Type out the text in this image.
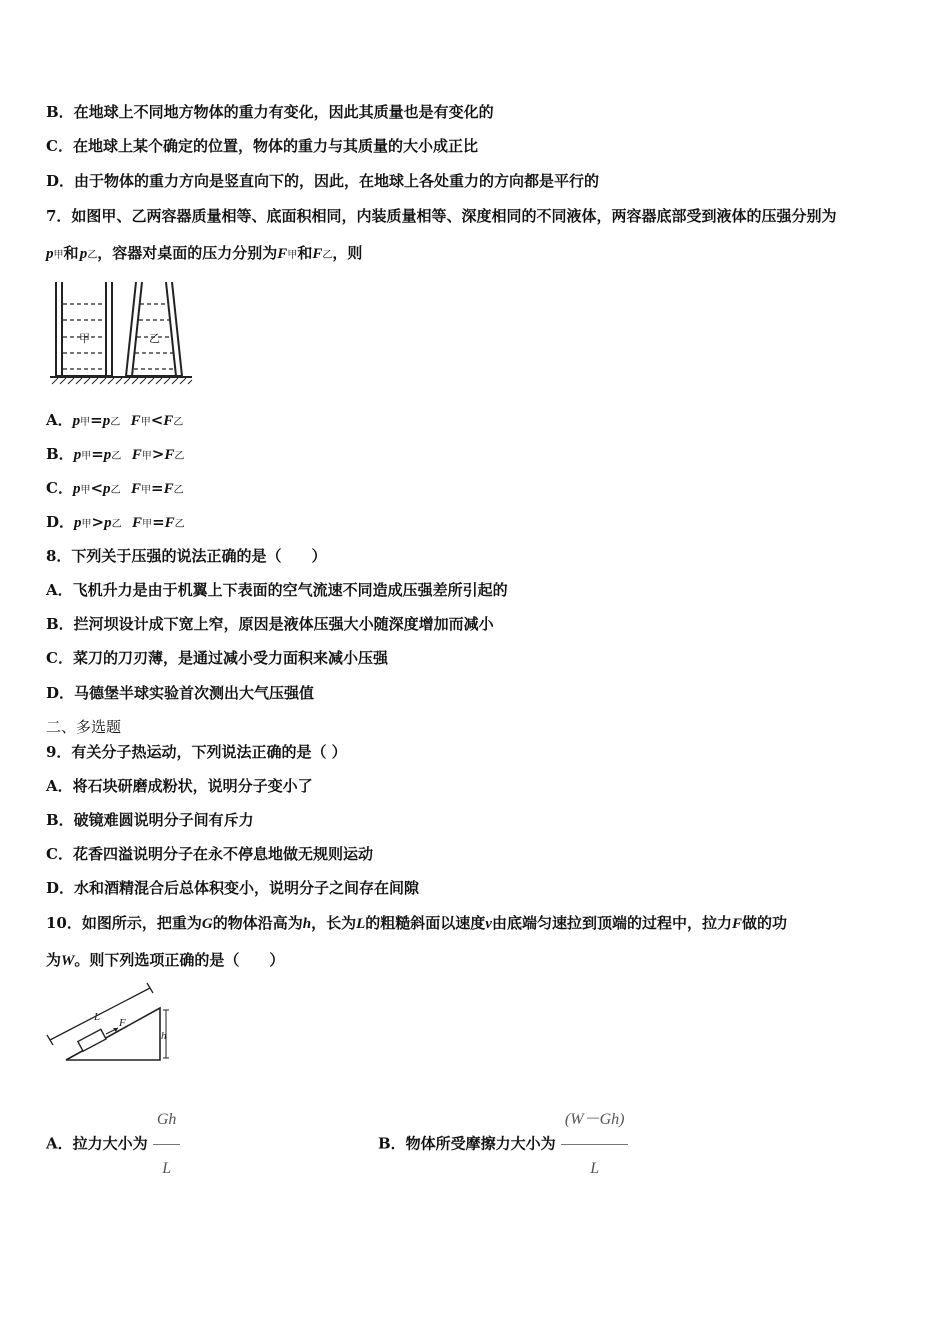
B．在地球上不同地方物体的重力有变化，因此其质量也是有变化的
C．在地球上某个确定的位置，物体的重力与其质量的大小成正比
D．由于物体的重力方向是竖直向下的，因此，在地球上各处重力的方向都是平行的
7．如图甲、乙两容器质量相等、底面积相同，内装质量相等、深度相同的不同液体，两容器底部受到液体的压强分别为
p甲和 p乙，容器对桌面的压力分别为F甲和F乙，则
甲	乙
A．p甲=p乙 F甲<F乙
B．p甲=p乙 F甲>F乙
C．p甲<p乙 F甲=F乙
D．p甲>p乙 F甲=F乙
8．下列关于压强的说法正确的是（　　）
A．飞机升力是由于机翼上下表面的空气流速不同造成压强差所引起的
B．拦河坝设计成下宽上窄，原因是液体压强大小随深度增加而减小
C．菜刀的刀刃薄，是通过减小受力面积来减小压强
D．马德堡半球实验首次测出大气压强值
二、多选题
9．有关分子热运动，下列说法正确的是（ ）
A．将石块研磨成粉状，说明分子变小了
B．破镜难圆说明分子间有斥力
C．花香四溢说明分子在永不停息地做无规则运动
D．水和酒精混合后总体积变小，说明分子之间存在间隙
10．如图所示，把重为G的物体沿高为h，长为L的粗糙斜面以速度v由底端匀速拉到顶端的过程中，拉力F做的功
为W。则下列选项正确的是（　　）
L F
h
A．拉力大小为 $\frac{Gh}{L}$	B．物体所受摩擦力大小为 $\frac{(W-Gh)}{L}$
